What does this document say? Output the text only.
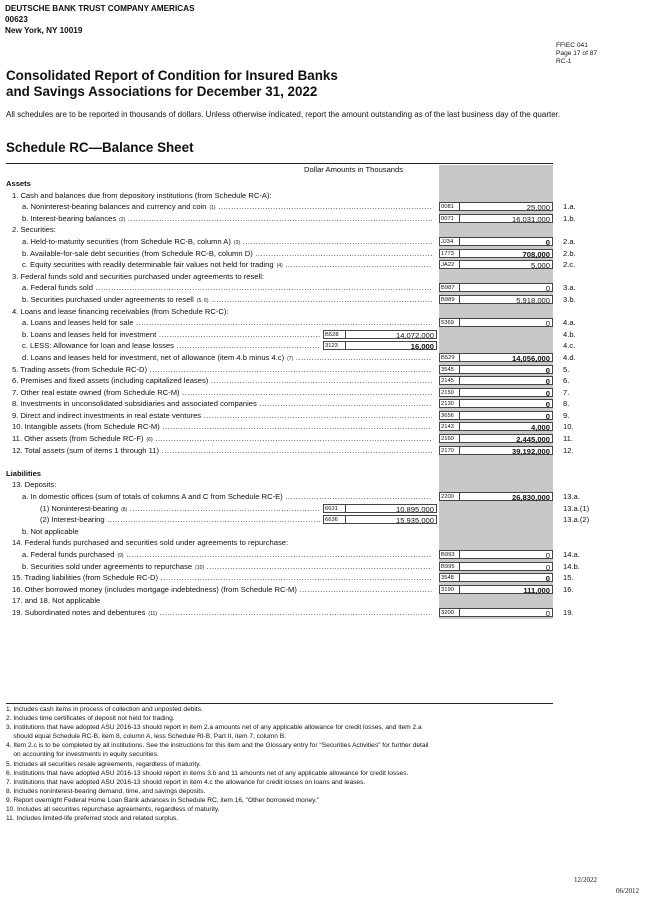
DEUTSCHE BANK TRUST COMPANY AMERICAS
00623
New York, NY 10019
FFIEC 041
Page 17 of 87
RC-1
Consolidated Report of Condition for Insured Banks
and Savings Associations for December 31, 2022
All schedules are to be reported in thousands of dollars. Unless otherwise indicated, report the amount outstanding as of the last business day of the quarter.
Schedule RC—Balance Sheet
Dollar Amounts in Thousands
Assets
1. Cash and balances due from depository institutions (from Schedule RC-A):
a. Noninterest-bearing balances and currency and coin (1) .....	0081	25,000	1.a.
b. Interest-bearing balances (2) .....	0071	16,031,000	1.b.
2. Securities:
a. Held-to-maturity securities (from Schedule RC-B, column A) (3) .....	JJ34	0	2.a.
b. Available-for-sale debt securities (from Schedule RC-B, column D) .....	1773	708,000	2.b.
c. Equity securities with readily determinable fair values not held for trading (4) .....	JA22	5,000	2.c.
3. Federal funds sold and securities purchased under agreements to resell:
a. Federal funds sold .....	B987	0	3.a.
b. Securities purchased under agreements to resell (5, 6) .....	B989	5,918,000	3.b.
4. Loans and lease financing receivables (from Schedule RC-C):
a. Loans and leases held for sale .....	5369	0	4.a.
b. Loans and leases held for investment .....	B528	14,072,000	4.b.
c. LESS: Allowance for loan and lease losses .....	3123	16,000	4.c.
d. Loans and leases held for investment, net of allowance (item 4.b minus 4.c) (7) .....	B529	14,056,000	4.d.
5. Trading assets (from Schedule RC-D) .....	3545	0	5.
6. Premises and fixed assets (including capitalized leases) .....	2145	0	6.
7. Other real estate owned (from Schedule RC-M) .....	2150	0	7.
8. Investments in unconsolidated subsidiaries and associated companies .....	2130	0	8.
9. Direct and indirect investments in real estate ventures .....	3656	0	9.
10. Intangible assets (from Schedule RC-M) .....	2143	4,000	10.
11. Other assets (from Schedule RC-F) (6) .....	2160	2,445,000	11.
12. Total assets (sum of items 1 through 11) .....	2170	39,192,000	12.
Liabilities
13. Deposits:
a. In domestic offices (sum of totals of columns A and C from Schedule RC-E) .....	2200	26,830,000	13.a.
(1) Noninterest-bearing (8) .....	6631	10,895,000	13.a.(1)
(2) Interest-bearing .....	6636	15,935,000	13.a.(2)
b. Not applicable
14. Federal funds purchased and securities sold under agreements to repurchase:
a. Federal funds purchased (9) .....	B993	0	14.a.
b. Securities sold under agreements to repurchase (10) .....	B995	0	14.b.
15. Trading liabilities (from Schedule RC-D) .....	3548	0	15.
16. Other borrowed money (includes mortgage indebtedness) (from Schedule RC-M) .....	3190	111,000	16.
17. and 18. Not applicable
19. Subordinated notes and debentures (11) .....	3200	0	19.
1. Includes cash items in process of collection and unposted debits.
2. Includes time certificates of deposit not held for trading.
3. Institutions that have adopted ASU 2016-13 should report in item 2.a amounts net of any applicable allowance for credit losses, and item 2.a
should equal Schedule RC-B, item 8, column A, less Schedule RI-B, Part II, item 7, column B.
4. Item 2.c is to be completed by all institutions. See the instructions for this item and the Glossary entry for "Securities Activities" for further detail
on accounting for investments in equity securities.
5. Includes all securities resale agreements, regardless of maturity.
6. Institutions that have adopted ASU 2016-13 should report in items 3.b and 11 amounts net of any applicable allowance for credit losses.
7. Institutions that have adopted ASU 2016-13 should report in item 4.c the allowance for credit losses on loans and leases.
8. Includes noninterest-bearing demand, time, and savings deposits.
9. Report overnight Federal Home Loan Bank advances in Schedule RC, item 16, "Other borrowed money."
10. Includes all securities repurchase agreements, regardless of maturity.
11. Includes limited-life preferred stock and related surplus.
12/2022
06/2012
